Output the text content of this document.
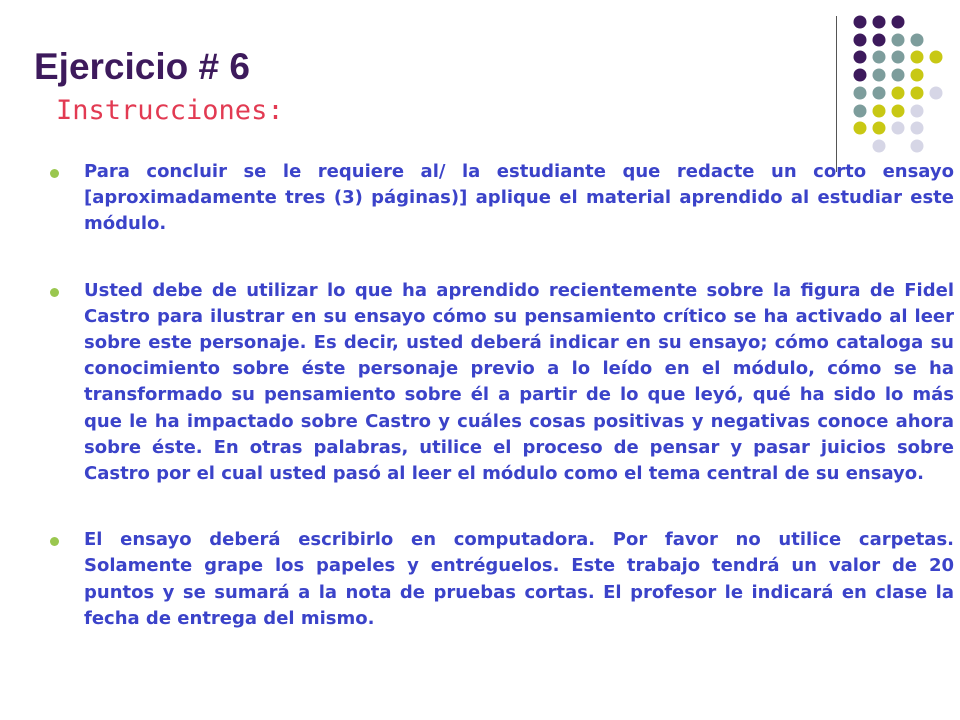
Ejercicio # 6
Instrucciones:
Para concluir se le requiere al/ la estudiante que redacte un corto ensayo [aproximadamente tres (3) páginas)] aplique el material aprendido al estudiar este módulo.
Usted debe de utilizar lo que ha aprendido recientemente sobre la figura de Fidel Castro para ilustrar en su ensayo cómo su pensamiento crítico se ha activado al leer sobre este personaje. Es decir, usted deberá indicar en su ensayo; cómo cataloga su conocimiento sobre éste personaje previo a lo leído en el módulo, cómo se ha transformado su pensamiento sobre él a partir de lo que leyó, qué ha sido lo más que le ha impactado sobre Castro y cuáles cosas positivas y negativas conoce ahora sobre éste. En otras palabras, utilice el proceso de pensar y pasar juicios sobre Castro por el cual usted pasó al leer el módulo como el tema central de su ensayo.
El ensayo deberá escribirlo en computadora. Por favor no utilice carpetas. Solamente grape los papeles y entréguelos. Este trabajo tendrá un valor de 20 puntos y se sumará a la nota de pruebas cortas. El profesor le indicará en clase la fecha de entrega del mismo.
